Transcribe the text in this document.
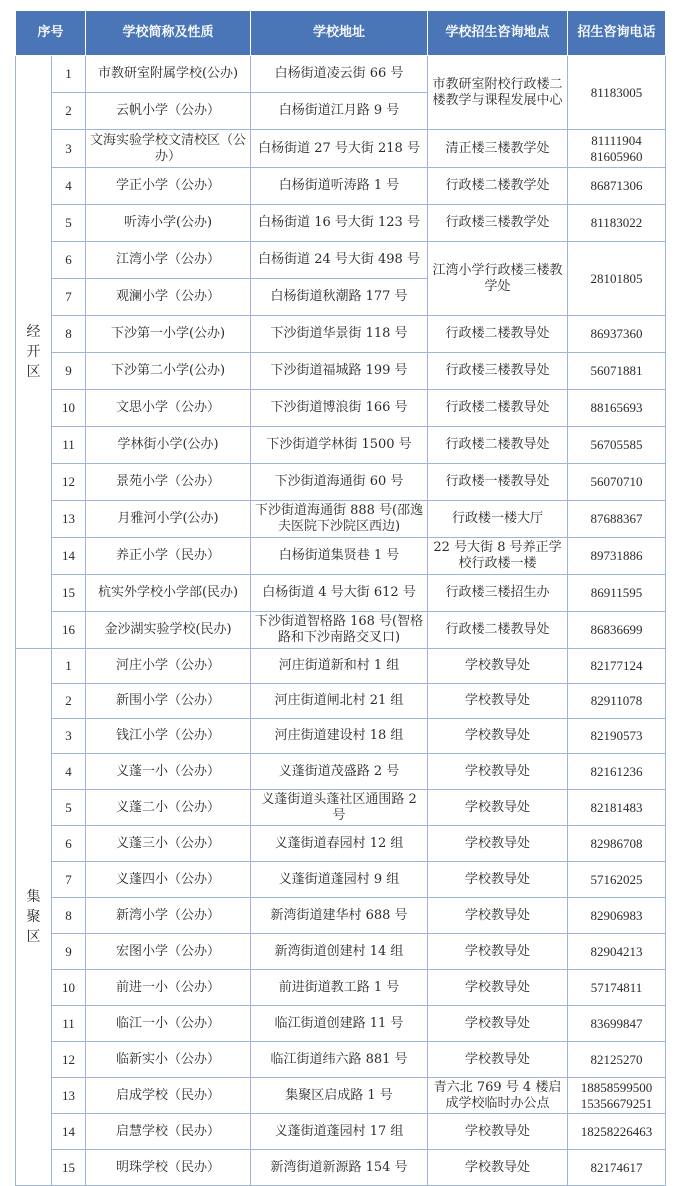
序号		学校简称及性质	学校地址	学校招生咨询地点	招生咨询电话

经开区	1	市教研室附属学校(公办)	白杨街道凌云街 66 号	市教研室附校行政楼二楼教学与课程发展中心	81183005
	2	云帆小学（公办）	白杨街道江月路 9 号		
	3	文海实验学校文清校区（公办）	白杨街道 27 号大街 218 号	清正楼三楼教学处	81111904 81605960
	4	学正小学（公办）	白杨街道听涛路 1 号	行政楼二楼教学处	86871306
	5	听涛小学(公办)	白杨街道 16 号大街 123 号	行政楼三楼教学处	81183022
	6	江湾小学（公办）	白杨街道 24 号大街 498 号	江湾小学行政楼三楼教学处	28101805
	7	观澜小学（公办）	白杨街道秋潮路 177 号		
	8	下沙第一小学(公办)	下沙街道华景街 118 号	行政楼二楼教导处	86937360
	9	下沙第二小学(公办)	下沙街道福城路 199 号	行政楼三楼教导处	56071881
	10	文思小学（公办）	下沙街道博浪街 166 号	行政楼二楼教导处	88165693
	11	学林街小学(公办)	下沙街道学林街 1500 号	行政楼二楼教导处	56705585
	12	景苑小学（公办）	下沙街道海通街 60 号	行政楼一楼教导处	56070710
	13	月雅河小学(公办)	下沙街道海通街 888 号(邵逸夫医院下沙院区西边)	行政楼一楼大厅	87688367
	14	养正小学（民办）	白杨街道集贤巷 1 号	22 号大街 8 号养正学校行政楼一楼	89731886
	15	杭实外学校小学部(民办)	白杨街道 4 号大街 612 号	行政楼三楼招生办	86911595
	16	金沙湖实验学校(民办)	下沙街道智格路 168 号(智格路和下沙南路交叉口)	行政楼二楼教导处	86836699

集聚区	1	河庄小学（公办）	河庄街道新和村 1 组	学校教导处	82177124
	2	新围小学（公办）	河庄街道闸北村 21 组	学校教导处	82911078
	3	钱江小学（公办）	河庄街道建设村 18 组	学校教导处	82190573
	4	义蓬一小（公办）	义蓬街道茂盛路 2 号	学校教导处	82161236
	5	义蓬二小（公办）	义蓬街道头蓬社区通围路 2 号	学校教导处	82181483
	6	义蓬三小（公办）	义蓬街道春园村 12 组	学校教导处	82986708
	7	义蓬四小（公办）	义蓬街道蓬园村 9 组	学校教导处	57162025
	8	新湾小学（公办）	新湾街道建华村 688 号	学校教导处	82906983
	9	宏图小学（公办）	新湾街道创建村 14 组	学校教导处	82904213
	10	前进一小（公办）	前进街道教工路 1 号	学校教导处	57174811
	11	临江一小（公办）	临江街道创建路 11 号	学校教导处	83699847
	12	临新实小（公办）	临江街道纬六路 881 号	学校教导处	82125270
	13	启成学校（民办）	集聚区启成路 1 号	青六北 769 号 4 楼启成学校临时办公点	18858599500 15356679251
	14	启慧学校（民办）	义蓬街道蓬园村 17 组	学校教导处	18258226463
	15	明珠学校（民办）	新湾街道新源路 154 号	学校教导处	82174617
